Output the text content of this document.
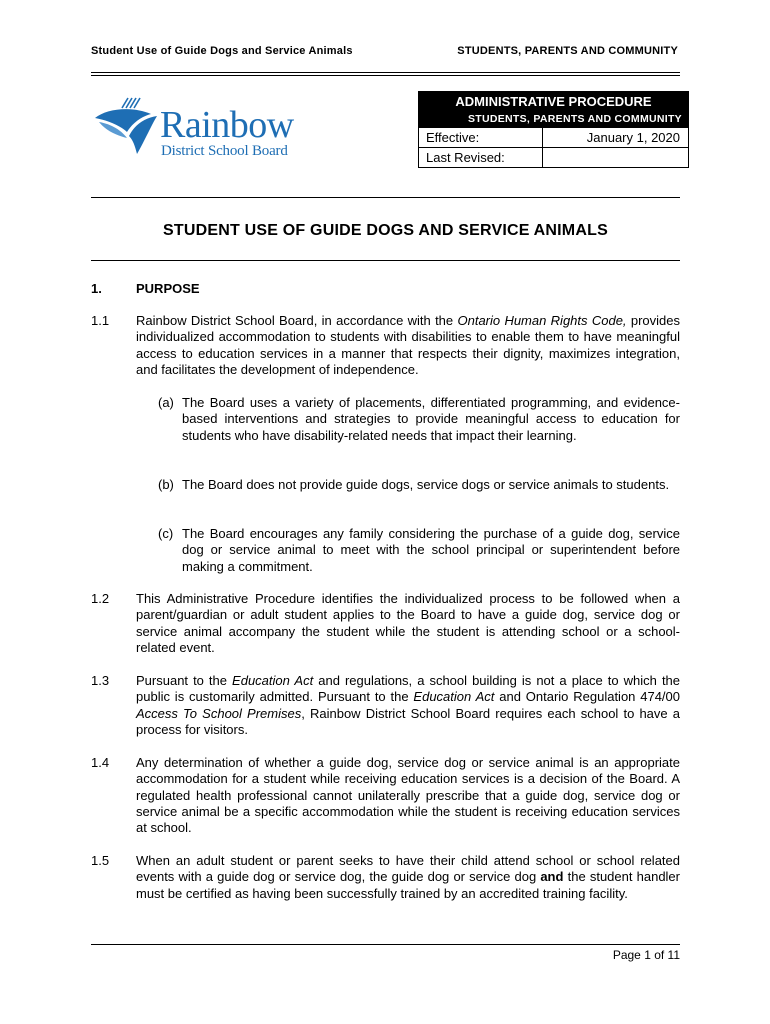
Student Use of Guide Dogs and Service Animals	STUDENTS, PARENTS AND COMMUNITY
Rainbow
District School Board
ADMINISTRATIVE PROCEDURE
STUDENTS, PARENTS AND COMMUNITY
Effective:	January 1, 2020
Last Revised:
STUDENT USE OF GUIDE DOGS AND SERVICE ANIMALS
1.	PURPOSE
1.1 Rainbow District School Board, in accordance with the Ontario Human Rights Code, provides individualized accommodation to students with disabilities to enable them to have meaningful access to education services in a manner that respects their dignity, maximizes integration, and facilitates the development of independence.
(a) The Board uses a variety of placements, differentiated programming, and evidence-based interventions and strategies to provide meaningful access to education for students who have disability-related needs that impact their learning.
(b) The Board does not provide guide dogs, service dogs or service animals to students.
(c) The Board encourages any family considering the purchase of a guide dog, service dog or service animal to meet with the school principal or superintendent before making a commitment.
1.2 This Administrative Procedure identifies the individualized process to be followed when a parent/guardian or adult student applies to the Board to have a guide dog, service dog or service animal accompany the student while the student is attending school or a school-related event.
1.3 Pursuant to the Education Act and regulations, a school building is not a place to which the public is customarily admitted. Pursuant to the Education Act and Ontario Regulation 474/00 Access To School Premises, Rainbow District School Board requires each school to have a process for visitors.
1.4 Any determination of whether a guide dog, service dog or service animal is an appropriate accommodation for a student while receiving education services is a decision of the Board. A regulated health professional cannot unilaterally prescribe that a guide dog, service dog or service animal be a specific accommodation while the student is receiving education services at school.
1.5 When an adult student or parent seeks to have their child attend school or school related events with a guide dog or service dog, the guide dog or service dog and the student handler must be certified as having been successfully trained by an accredited training facility.
Page 1 of 11
